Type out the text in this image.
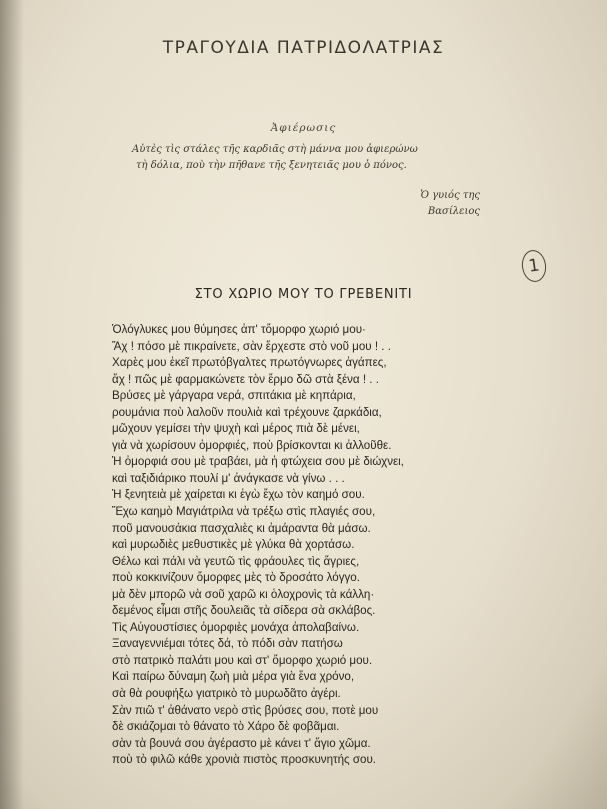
ΤΡΑΓΟΥΔΙΑ ΠΑΤΡΙΔΟΛΑΤΡΙΑΣ
Ἀφιέρωσις
Αὐτὲς τὶς στάλες τῆς καρδιᾶς στὴ μάννα μου ἀφιερώνω
τὴ δόλια, ποὺ τὴν πῆθανε τῆς ξενητειᾶς μου ὁ πόνος.
Ὁ γυιός της
Βασίλειος
1
ΣΤΟ ΧΩΡΙΟ ΜΟΥ ΤΟ ΓΡΕΒΕΝΙΤΙ
Ὁλόγλυκες μου θύμησες ἀπ' τὄμορφο χωριό μου·
Ἄχ ! πόσο μὲ πικραίνετε, σὰν ἔρχεστε στὸ νοῦ μου ! . .
Χαρὲς μου ἐκεῖ πρωτόβγαλτες πρωτόγνωρες ἀγάπες,
ἄχ ! πῶς μὲ φαρμακώνετε τὸν ἔρμο δῶ στὰ ξένα ! . .
Βρύσες μὲ γάργαρα νερά, σπιτάκια μὲ κηπάρια,
ρουμάνια ποὺ λαλοῦν πουλιὰ καὶ τρέχουνε ζαρκάδια,
μῶχουν γεμίσει τὴν ψυχὴ καὶ μέρος πιὰ δὲ μένει,
γιὰ νὰ χωρίσουν ὀμορφιές, ποὺ βρίσκονται κι ἀλλοῦθε.
Ἡ ὀμορφιά σου μὲ τραβάει, μὰ ἡ φτώχεια σου μὲ διώχνει,
καὶ ταξιδιάρικο πουλί μ' ἀνάγκασε νὰ γίνω . . .
Ἡ ξενητειὰ μὲ χαίρεται κι ἐγὼ ἔχω τὸν καημό σου.
Ἔχω καημὸ Μαγιάτριλα νὰ τρέξω στὶς πλαγιές σου,
ποῦ μανουσάκια πασχαλιὲς κι ἀμάραντα θὰ μάσω.
καὶ μυρωδιὲς μεθυστικὲς μὲ γλύκα θὰ χορτάσω.
Θέλω καὶ πάλι νὰ γευτῶ τὶς φράουλες τὶς ἄγριες,
ποὺ κοκκινίζουν ὄμορφες μὲς τὸ δροσάτο λόγγο.
μὰ δὲν μπορῶ νὰ σοῦ χαρῶ κι ὁλοχρονὶς τὰ κάλλη·
δεμένος εἶμαι στῆς δουλειᾶς τὰ σίδερα σὰ σκλάβος.
Τὶς Αὐγουστίσιες ὀμορφιὲς μονάχα ἀπολαβαίνω.
Ξαναγεννιέμαι τότες δά, τὸ πόδι σὰν πατήσω
στὸ πατρικὸ παλάτι μου καὶ στ' ὄμορφο χωριό μου.
Καὶ παίρω δύναμη ζωὴ μιὰ μέρα γιὰ ἕνα χρόνο,
σὰ θὰ ρουφήξω γιατρικὸ τὸ μυρωδᾶτο ἀγέρι.
Σὰν πιῶ τ' ἀθάνατο νερὸ στὶς βρύσες σου, ποτὲ μου
δὲ σκιάζομαι τὸ θάνατο τὸ Χάρο δὲ φοβᾶμαι.
σὰν τὰ βουνά σου ἀγέραστο μὲ κάνει τ' ἅγιο χῶμα.
ποὺ τὸ φιλῶ κάθε χρονιὰ πιστὸς προσκυνητής σου.
